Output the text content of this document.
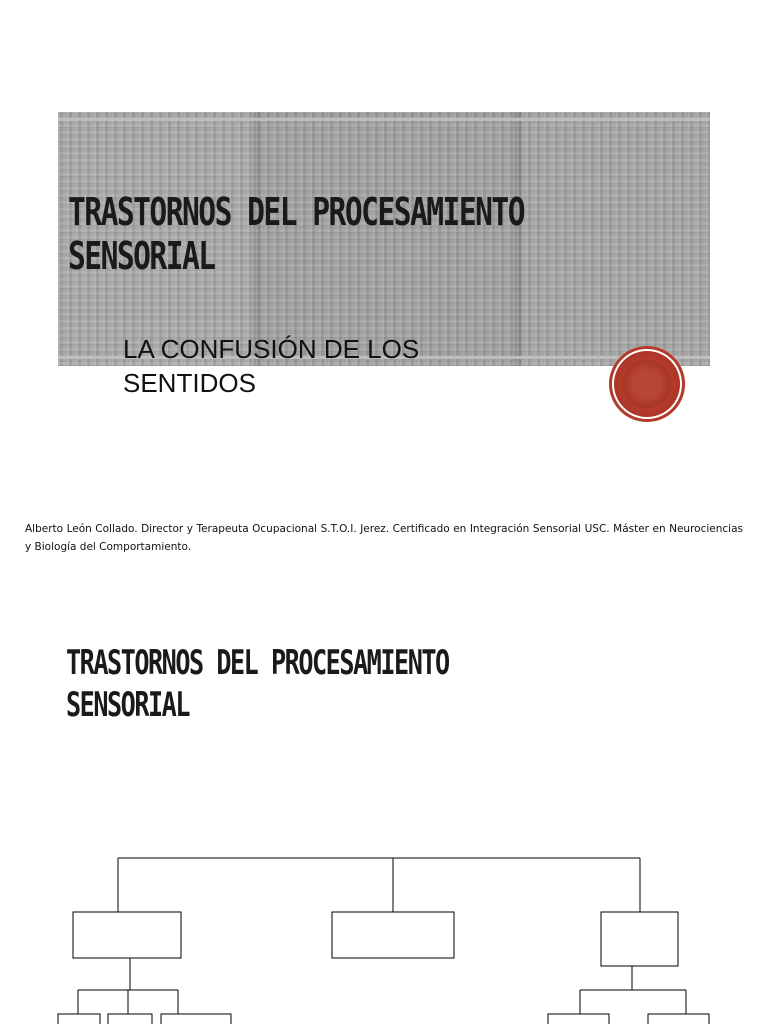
TRASTORNOS DEL PROCESAMIENTO
SENSORIAL
LA CONFUSIÓN DE LOS
SENTIDOS

Alberto León Collado. Director y Terapeuta Ocupacional S.T.O.I. Jerez. Certificado en Integración Sensorial USC. Máster en Neurociencias y Biología del Comportamiento.

TRASTORNOS DEL PROCESAMIENTO
SENSORIAL
